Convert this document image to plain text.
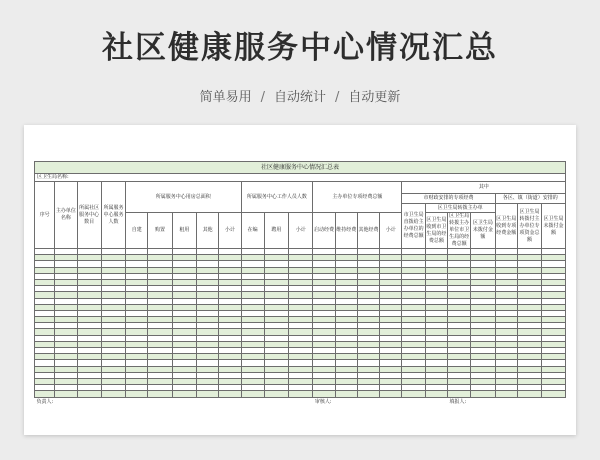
社区健康服务中心情况汇总
简单易用 / 自动统计 / 自动更新
社区健康服务中心情况汇总表																						
区卫生局名称:																						
序号	主办单位名称	所属社区服务中心数目	所属服务中心服务人数	所属服务中心用房总面积					所属服务中心工作人员人数			主办单位专项经费总额				其中						
																市财政安排的专项经费				各区、镇（街道）安排的		
																市卫生局直拨给主办单位的经费总额	区卫生局转拨主办单			区卫生局收到专项经费金额	区卫生局转拨付主办单位专项资金总额	区卫生局未拨付金额
				自建	购置	租用	其他	小计	在编	聘用	小计	启动经费	维持经费	其他经费	小计		区卫生局收到市卫生局的经费总额	区卫生局转拨主办单位市卫生局的经费总额	区卫生局未拨付金额			

负责人:												审核人:						填报人:				
